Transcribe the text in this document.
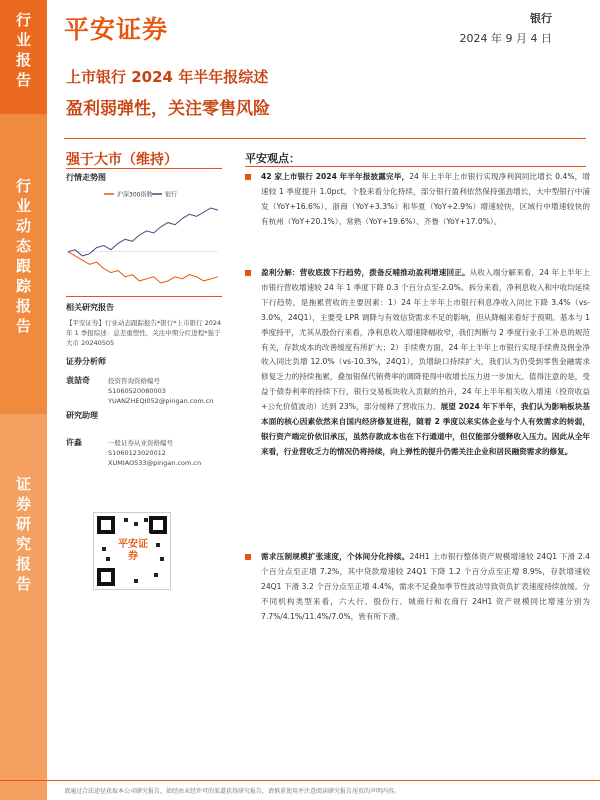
行
业
报
告
行
业
动
态
跟
踪
报
告
证
券
研
究
报
告
平安证券	银行
2024 年 9 月 4 日
上市银行 2024 年半年报综述
盈利弱弹性，关注零售风险
强于大市（维持）
行情走势图
沪深300指数 银行
相关研究报告
【平安证券】行业动态跟踪报告*银行*上市银行 2024 年 1 季报综述：息差重塑性，关注中期分红进程*强于大市 20240505
证券分析师
袁喆奇	投资咨询资格编号
S1060520080003
YUANZHEQI052@pingan.com.cn
研究助理
许淼	一般证券从业资格编号
S1060123020012
XUMIAO533@pingan.com.cn
平安证券
平安观点：
42 家上市银行 2024 年半年报披露完毕，24 年上半年上市银行实现净利润同比增长 0.4%，增速较 1 季度提升 1.0pct。个股来看分化持续，部分银行盈利依然保持强劲增长，大中型银行中浦发（YoY+16.6%）、浙商（YoY+3.3%）和华夏（YoY+2.9%）增速较快，区域行中增速较快的有杭州（YoY+20.1%）、常熟（YoY+19.6%）、齐鲁（YoY+17.0%）。
盈利分解：营收底拨下行趋势，拨备反哺推动盈利增速回正。从收入端分解来看，24 年上半年上市银行营收增速较 24 年 1 季度下降 0.3 个百分点至-2.0%。拆分来看，净利息收入和中收均延续下行趋势，是拖累营收的主要因素：1）24 年上半年上市银行利息净收入同比下降 3.4%（vs-3.0%，24Q1），主要受 LPR 调降与有效信贷需求不足的影响，但从降幅来看好于预期。基本与 1 季度持平，尤其从股份行来看，净利息收入增速降幅收窄，我们判断与 2 季度行业手工补息的规范有关，存款成本的改善缓度有所扩大；2）手续费方面，24 年上半年上市银行实现手续费及佣金净收入同比负增 12.0%（vs-10.3%，24Q1），负增缺口持续扩大，我们认为仍受到零售金融需求修复乏力的持续拖累，叠加银保代销费率的调降使得中收增长压力进一步加大。值得注意的是，受益于债券利率的持续下行，银行交易板块收入贡献的抬升，24 年上半年相关收入增速（投资收益+公允价值波动）达到 23%，部分缓释了营收压力。展望 2024 年下半年，我们认为影响板块基本面的核心因素依然来自国内经济修复进程，随着 2 季度以来实体企业与个人有效需求的转弱，银行资产端定价依旧承压，虽然存款成本也在下行通道中，但仅能部分缓释收入压力。因此从全年来看，行业营收乏力的情况仍将持续，向上弹性的提升仍需关注企业和居民融资需求的修复。
需求压制规模扩张速度，个体间分化持续。24H1 上市银行整体资产规模增速较 24Q1 下滑 2.4 个百分点至正增 7.2%，其中贷款增速较 24Q1 下降 1.2 个百分点至正增 8.9%，存款增速较 24Q1 下滑 3.2 个百分点至正增 4.4%，需求不足叠加季节性波动导致资负扩表速度持续放缓。分不同机构类型来看，六大行、股份行、城商行和农商行 24H1 资产规模同比增速分别为 7.7%/4.1%/11.4%/7.0%，皆有所下滑。
请通过合法途径获取本公司研究报告，如经由未经许可的渠道获得研究报告，请慎重使用并注意阅读研究报告尾页的声明内容。
